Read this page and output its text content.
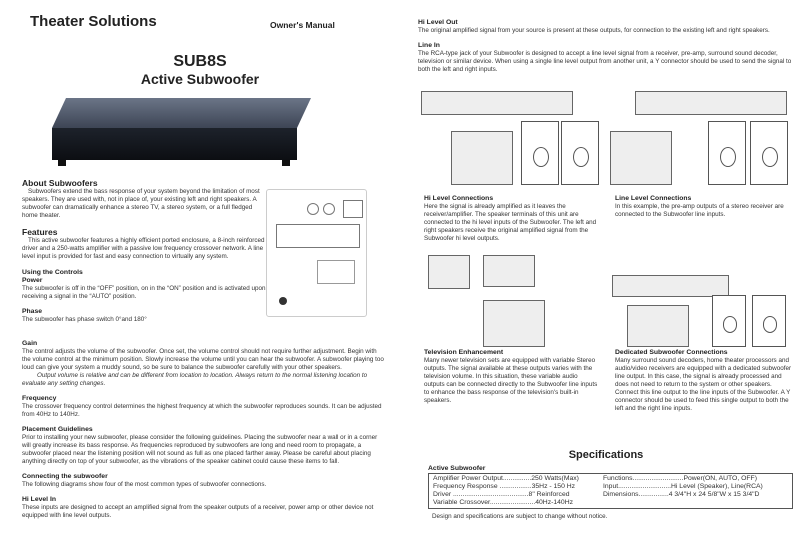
Theater Solutions	Owner's Manual
SUB8S
Active Subwoofer
About Subwoofers

Subwoofers extend the bass response of your system beyond the limitation of most speakers. They are used with, not in place of, your existing left and right speakers. A subwoofer can dramatically enhance a stereo TV, a stereo system, or a full fledged home theater.

Features

This active subwoofer features a highly efficient ported enclosure, a 8-inch reinforced driver and a 250-watts amplifier with a passive low frequency crossover network. A line level input is provided for fast and easy connection to virtually any system.

Using the Controls
Power

The subwoofer is off in the “OFF” position, on in the “ON” position and is activated upon receiving a signal in the “AUTO” position.

Phase

The subwoofer has phase switch 0°and 180°

Gain

The control adjusts the volume of the subwoofer. Once set, the volume control should not require further adjustment. Begin with the volume control at the minimum position. Slowly increase the volume until you can hear the subwoofer. A subwoofer playing too loud can give your system a muddy sound, so be sure to balance the subwoofer carefully with your other speakers.

Output volume is relative and can be different from location to location. Always return to the normal listening location to evaluate any setting changes.

Frequency

The crossover frequency control determines the highest frequency at which the subwoofer reproduces sounds. It can be adjusted from 40Hz to 140Hz.

Placement Guidelines

Prior to installing your new subwoofer, please consider the following guidelines. Placing the subwoofer near a wall or in a corner will greatly increase its bass response. As frequencies reproduced by subwoofers are long and need room to propagate, a subwoofer placed near the listening position will not sound as full as one placed farther away. Please be careful about placing anything directly on top of your subwoofer, as the vibrations of the speaker cabinet could cause these items to fall.

Connecting the subwoofer

The following diagrams show four of the most common types of subwoofer connections.

Hi Level In

These inputs are designed to accept an amplified signal from the speaker outputs of a receiver, power amp or other device not equipped with line level outputs.

Hi Level Out

The original amplified signal from your source is present at these outputs, for connection to the existing left and right speakers.

Line In

The RCA-type jack of your Subwoofer is designed to accept a line level signal from a receiver, pre-amp, surround sound decoder, television or similar device. When using a single line level output from another unit, a Y connector should be used to send the signal to both the left and right inputs.

Hi Level Connections

Here the signal is already amplified as it leaves the receiver/amplifier. The speaker terminals of this unit are connected to the hi level inputs of the Subwoofer. The left and right speakers receive the original amplified signal from the Subwoofer hi level outputs.

Line Level Connections

In this example, the pre-amp outputs of a stereo receiver are connected to the Subwoofer line inputs.

Television Enhancement

Many newer television sets are equipped with variable Stereo outputs. The signal available at these outputs varies with the television volume. In this situation, these variable audio outputs can be connected directly to the Subwoofer line inputs to enhance the bass response of the television's built-in speakers.

Dedicated Subwoofer Connections

Many surround sound decoders, home theater processors and audio/video receivers are equipped with a dedicated subwoofer line output. In this case, the signal is already processed and does not need to return to the system or other speakers. Connect this line output to the line inputs of the Subwoofer. A Y connector should be used to feed this single output to both the left and the right line inputs.

Specifications
Active Subwoofer
Amplifier Power Output...............250 Watts(Max)	Functions...........................Power(ON, AUTO, OFF)
Frequency Response .................35Hz - 150 Hz	Input............................Hi Level (Speaker), Line(RCA)
Driver ........................................8" Reinforced	Dimensions................4 3/4"H x 24 5/8"W x 15 3/4"D
Variable Crossover........................40Hz-140Hz

Design and specifications are subject to change without notice.
